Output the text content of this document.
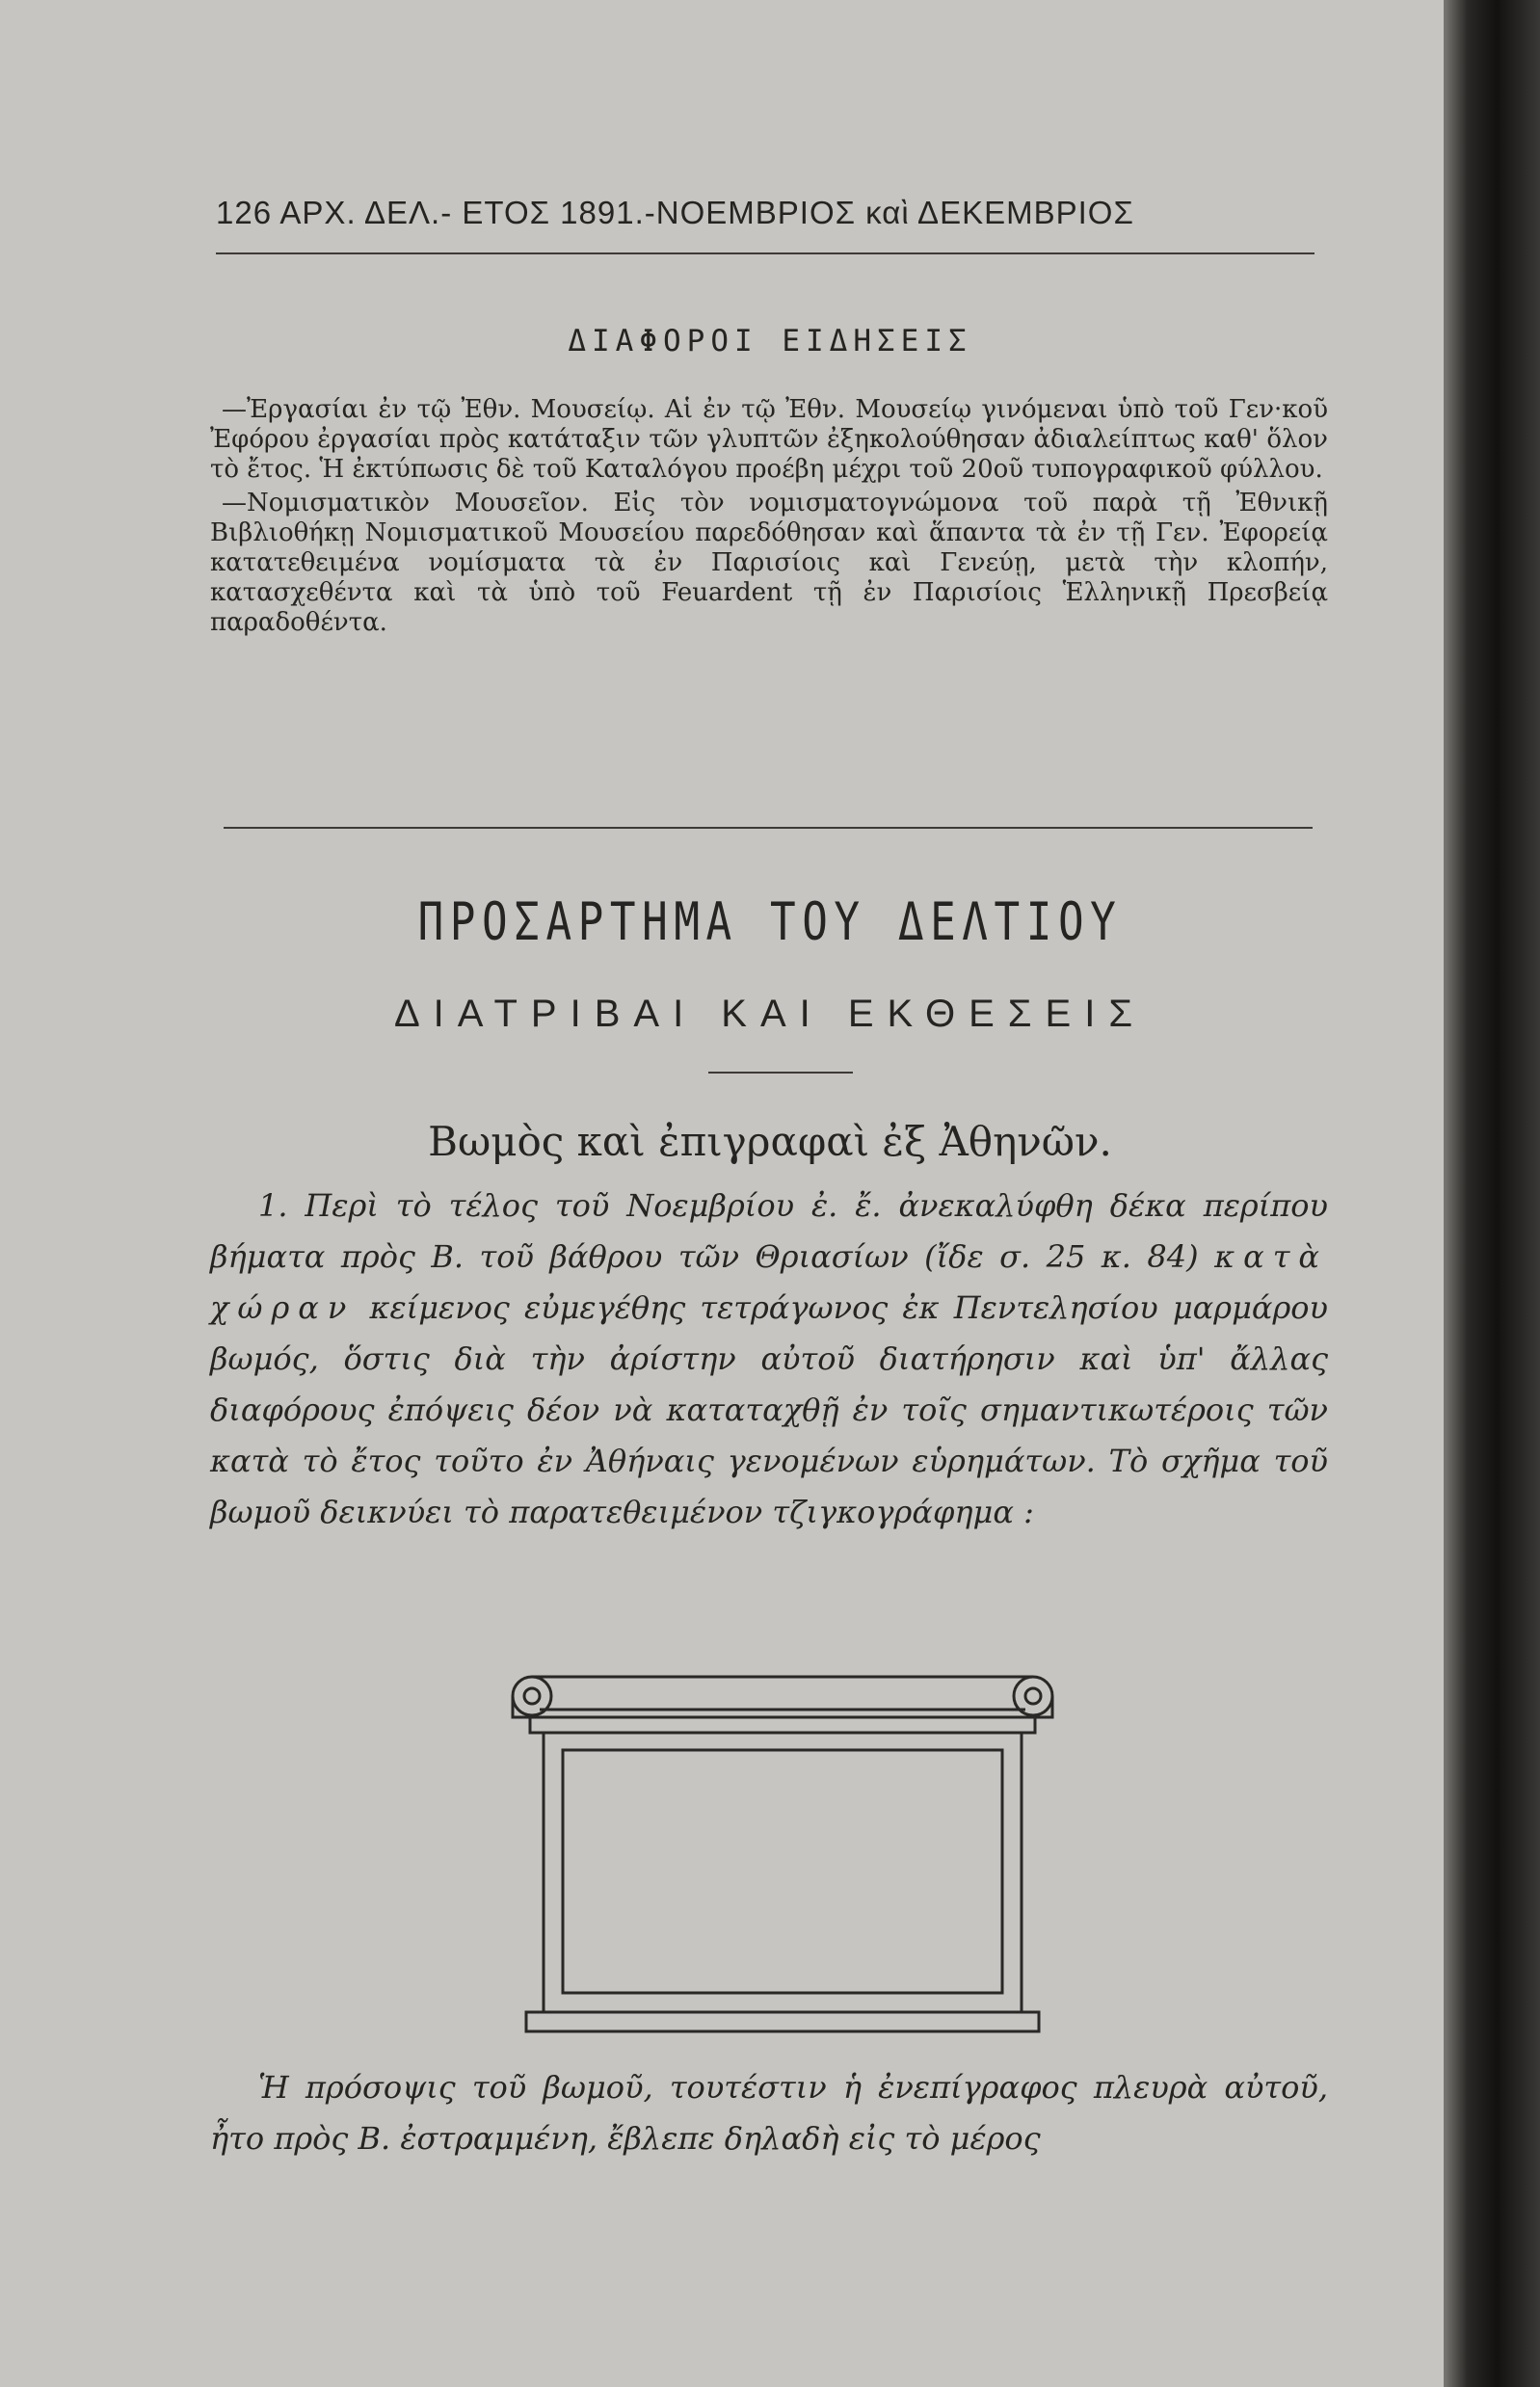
126 ΑΡΧ. ΔΕΛ.- ΕΤΟΣ 1891.-ΝΟΕΜΒΡΙΟΣ καὶ ΔΕΚΕΜΒΡΙΟΣ
ΔΙΑΦΟΡΟΙ ΕΙΔΗΣΕΙΣ

—Ἐργασίαι ἐν τῷ Ἐθν. Μουσείῳ. Αἱ ἐν τῷ Ἐθν. Μουσείῳ γινόμεναι ὑπὸ τοῦ Γεν·κοῦ Ἐφόρου ἐργασίαι πρὸς κατάταξιν τῶν γλυπτῶν ἐξηκολούθησαν ἀδιαλείπτως καθ' ὅλον τὸ ἔτος. Ἡ ἐκτύπωσις δὲ τοῦ Καταλόγου προέβη μέχρι τοῦ 20οῦ τυπογραφικοῦ φύλλου.

—Νομισματικὸν Μουσεῖον. Εἰς τὸν νομισματογνώμονα τοῦ παρὰ τῇ Ἐθνικῇ Βιβλιοθήκῃ Νομισματικοῦ Μουσείου παρεδόθησαν καὶ ἅπαντα τὰ ἐν τῇ Γεν. Ἐφορείᾳ κατατεθειμένα νομίσματα τὰ ἐν Παρισίοις καὶ Γενεύῃ, μετὰ τὴν κλοπήν, κατασχεθέντα καὶ τὰ ὑπὸ τοῦ Feuardent τῇ ἐν Παρισίοις Ἑλληνικῇ Πρεσβείᾳ παραδοθέντα.

ΠΡΟΣΑΡΤΗΜΑ ΤΟΥ ΔΕΛΤΙΟΥ
ΔΙΑΤΡΙΒΑΙ ΚΑΙ ΕΚΘΕΣΕΙΣ
Βωμὸς καὶ ἐπιγραφαὶ ἐξ Ἀθηνῶν.

1. Περὶ τὸ τέλος τοῦ Νοεμβρίου ἐ. ἔ. ἀνεκαλύφθη δέκα περίπου βήματα πρὸς Β. τοῦ βάθρου τῶν Θριασίων (ἴδε σ. 25 κ. 84) κατὰ χώραν κείμενος εὐμεγέθης τετράγωνος ἐκ Πεντελησίου μαρμάρου βωμός, ὅστις διὰ τὴν ἀρίστην αὐτοῦ διατήρησιν καὶ ὑπ' ἄλλας διαφόρους ἐπόψεις δέον νὰ καταταχθῇ ἐν τοῖς σημαντικωτέροις τῶν κατὰ τὸ ἔτος τοῦτο ἐν Ἀθήναις γενομένων εὑρημάτων. Τὸ σχῆμα τοῦ βωμοῦ δεικνύει τὸ παρατεθειμένον τζιγκογράφημα :

Ἡ πρόσοψις τοῦ βωμοῦ, τουτέστιν ἡ ἐνεπίγραφος πλευρὰ αὐτοῦ, ἦτο πρὸς Β. ἐστραμμένη, ἔβλεπε δηλαδὴ εἰς τὸ μέρος
